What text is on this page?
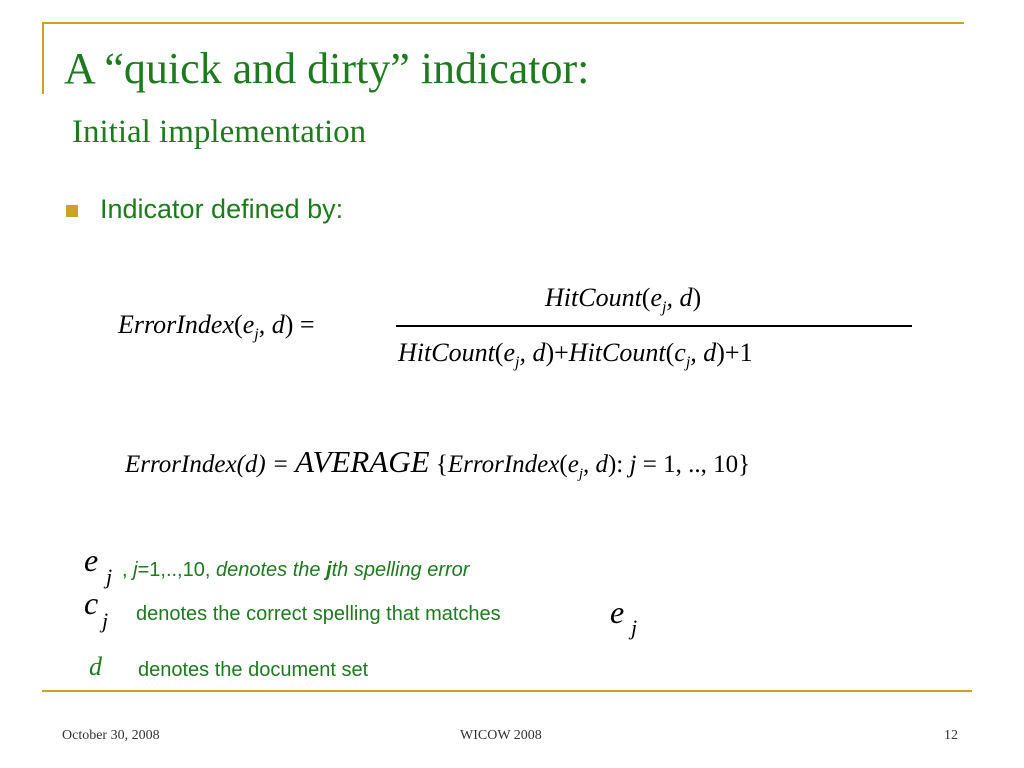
A “quick and dirty” indicator:
Initial implementation
Indicator defined by:
$ErrorIndex(e_j$, d) =
$HitCount(e_j$, d)
$HitCount(e_j$, $d)+HitCount(c_j$, d)+1
ErrorIndex(d) = AVERAGE {$ErrorIndex(e_j$, d): j = 1, .., 10}
e j , j=1,..,10, denotes the jth spelling error
c j denotes the correct spelling that matches	e j
d denotes the document set
October 30, 2008	WICOW 2008	12
